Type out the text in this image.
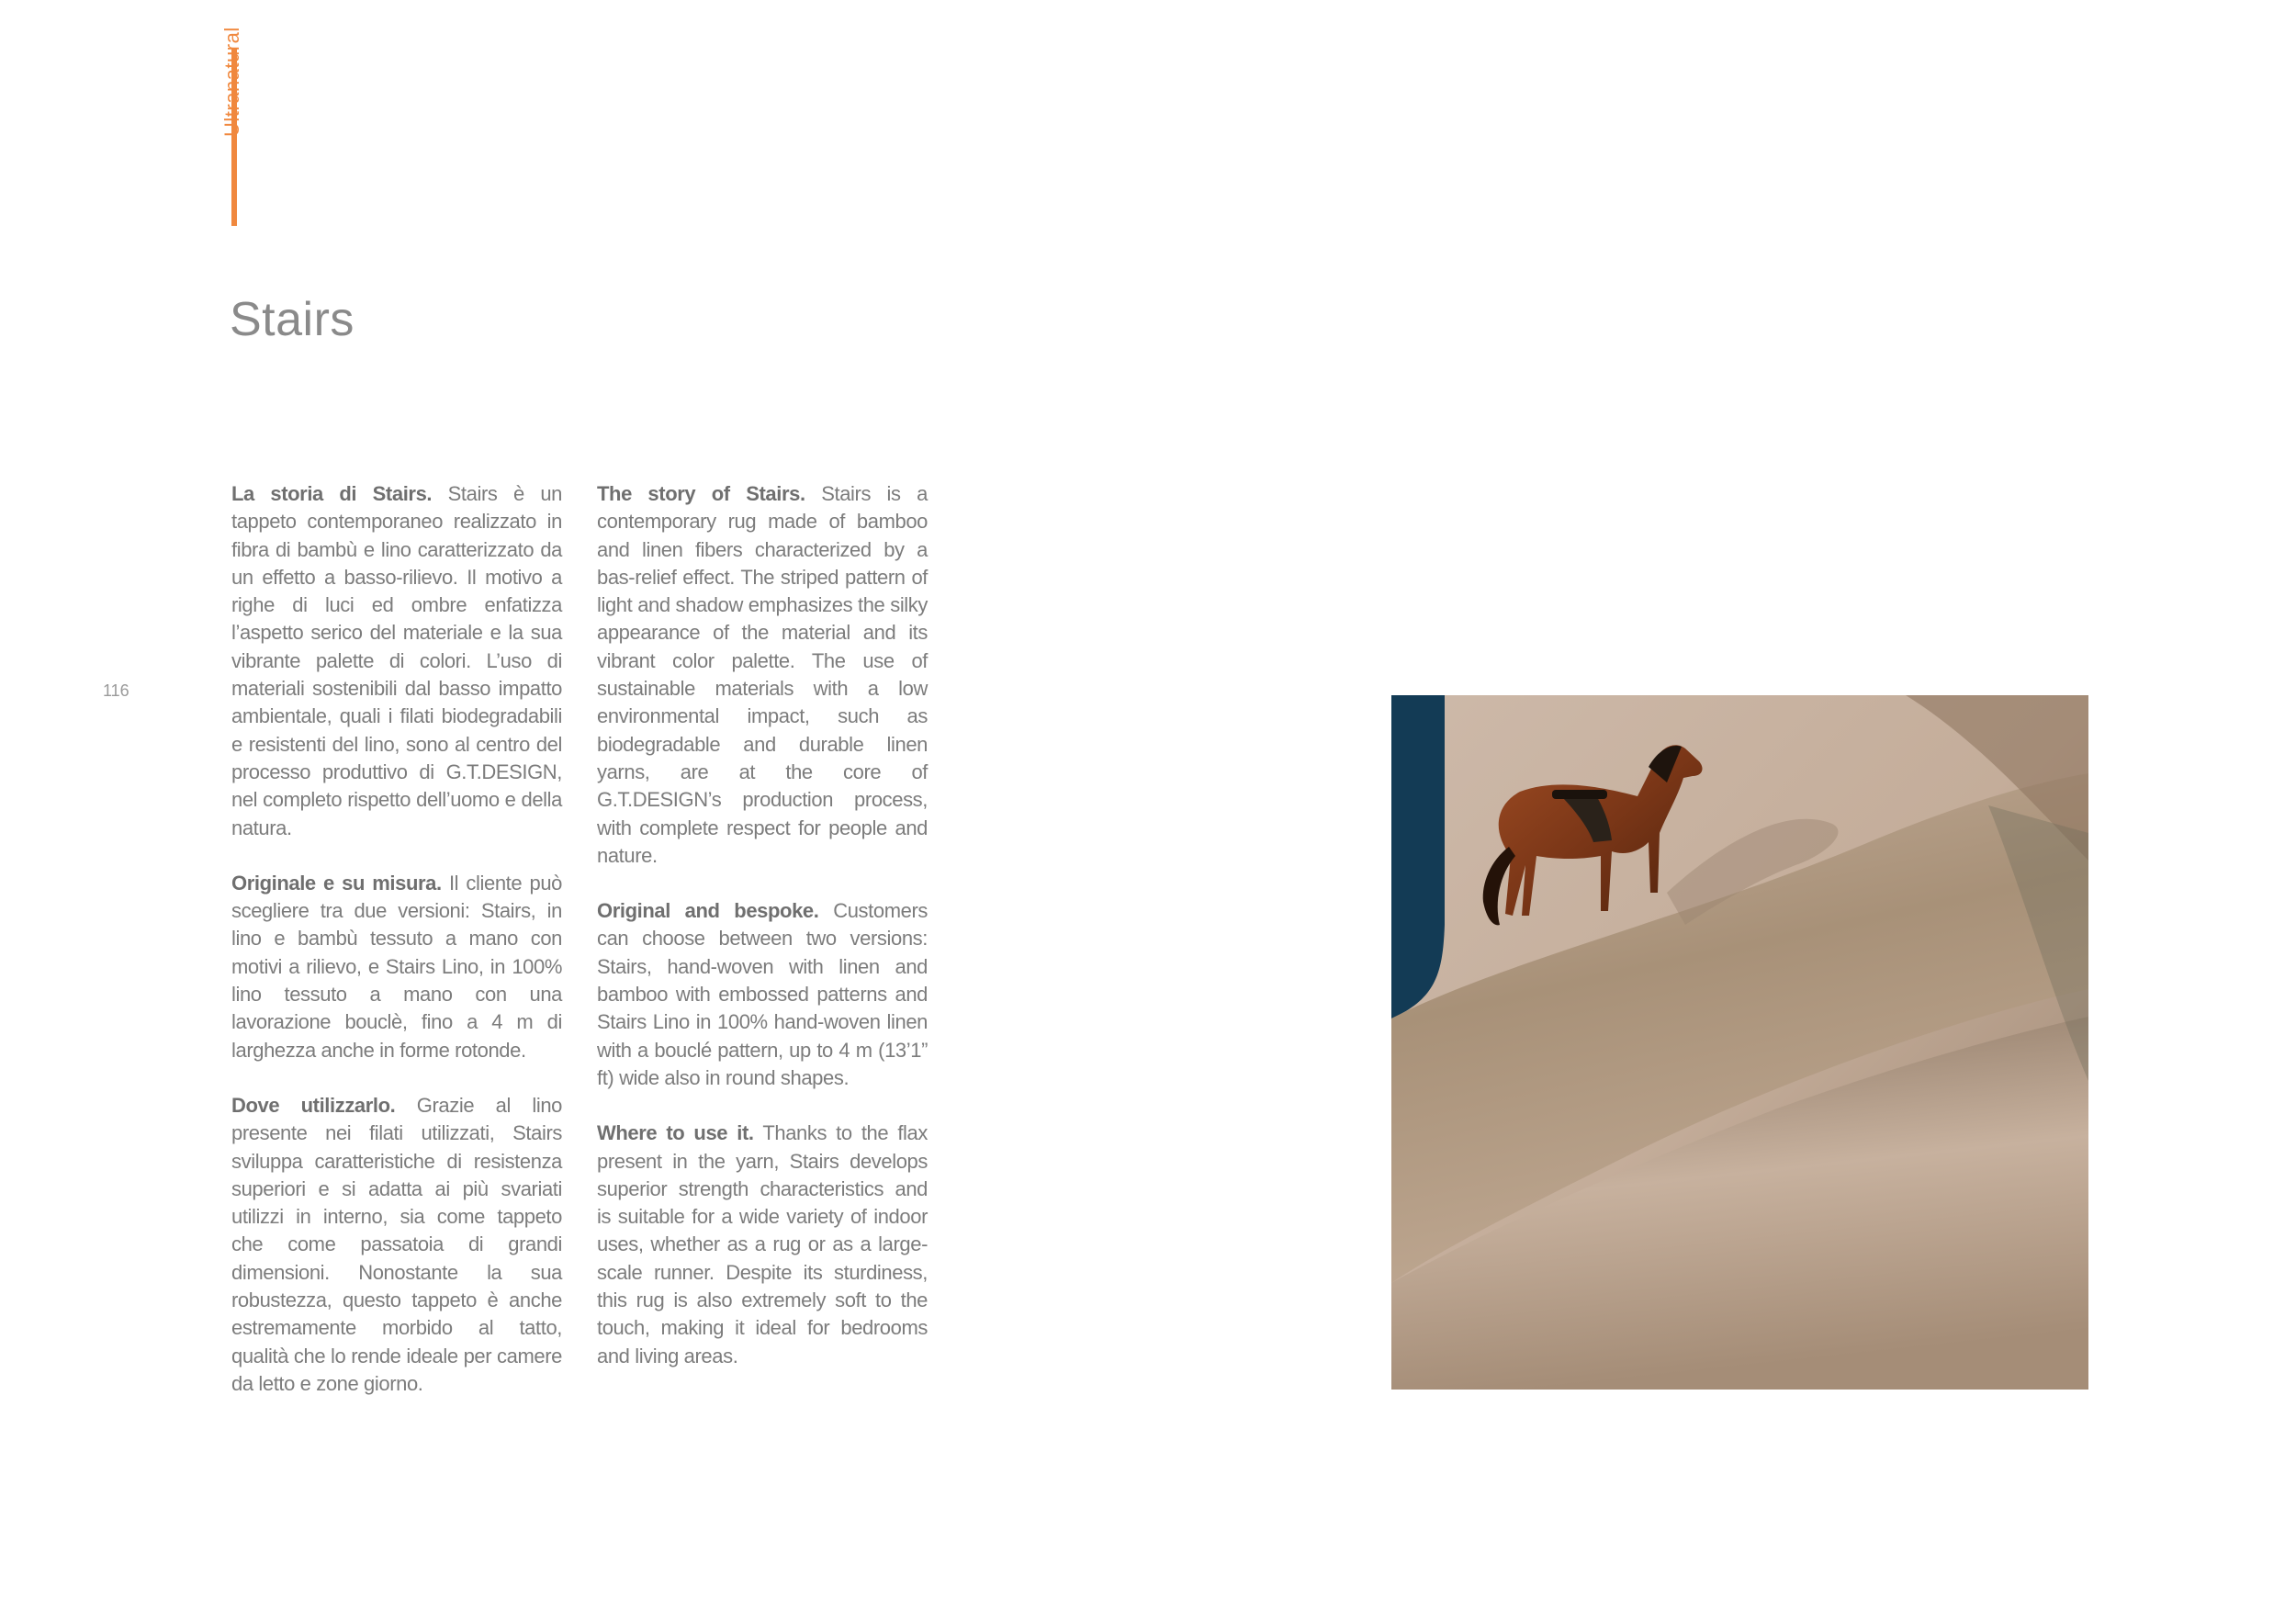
Ultranatural
Stairs
116

La storia di Stairs. Stairs è un tappeto contemporaneo realizzato in fibra di bambù e lino caratterizzato da un effetto a basso-rilievo. Il motivo a righe di luci ed ombre enfatizza l’aspetto serico del materiale e la sua vibrante palette di colori. L’uso di materiali sostenibili dal basso impatto ambientale, quali i filati biodegradabili e resistenti del lino, sono al centro del processo produttivo di G.T.DESIGN, nel completo rispetto dell’uomo e della natura.

Originale e su misura. Il cliente può scegliere tra due versioni: Stairs, in lino e bambù tessuto a mano con motivi a rilievo, e Stairs Lino, in 100% lino tessuto a mano con una lavorazione bouclè, fino a 4 m di larghezza anche in forme rotonde.

Dove utilizzarlo. Grazie al lino presente nei filati utilizzati, Stairs sviluppa caratteristiche di resistenza superiori e si adatta ai più svariati utilizzi in interno, sia come tappeto che come passatoia di grandi dimensioni. Nonostante la sua robustezza, questo tappeto è anche estremamente morbido al tatto, qualità che lo rende ideale per camere da letto e zone giorno.

The story of Stairs. Stairs is a contemporary rug made of bamboo and linen fibers characterized by a bas-relief effect. The striped pattern of light and shadow emphasizes the silky appearance of the material and its vibrant color palette. The use of sustainable materials with a low environmental impact, such as biodegradable and durable linen yarns, are at the core of G.T.DESIGN’s production process, with complete respect for people and nature.

Original and bespoke. Customers can choose between two versions: Stairs, hand-woven with linen and bamboo with embossed patterns and Stairs Lino in 100% hand-woven linen with a bouclé pattern, up to 4 m (13’1” ft) wide also in round shapes.

Where to use it. Thanks to the flax present in the yarn, Stairs develops superior strength characteristics and is suitable for a wide variety of indoor uses, whether as a rug or as a large-scale runner. Despite its sturdiness, this rug is also extremely soft to the touch, making it ideal for bedrooms and living areas.
